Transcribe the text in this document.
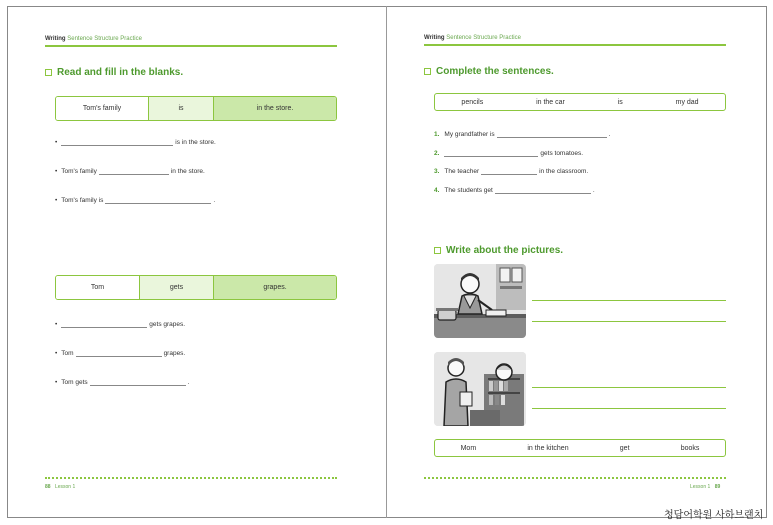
Writing Sentence Structure Practice
Read and fill in the blanks.
Tom's family	is	in the store.
•	is in the store.
• Tom's family	in the store.
• Tom's family is	.
Tom	gets	grapes.
•	gets grapes.
• Tom	grapes.
• Tom gets	.
88 Lesson 1
Writing Sentence Structure Practice
Complete the sentences.
pencils	in the car	is	my dad
1. My grandfather is	.
2.	gets tomatoes.
3. The teacher	in the classroom.
4. The students get	.
Write about the pictures.
Mom	in the kitchen	get	books
Lesson 1 89
청담어학원 사하브랜치
